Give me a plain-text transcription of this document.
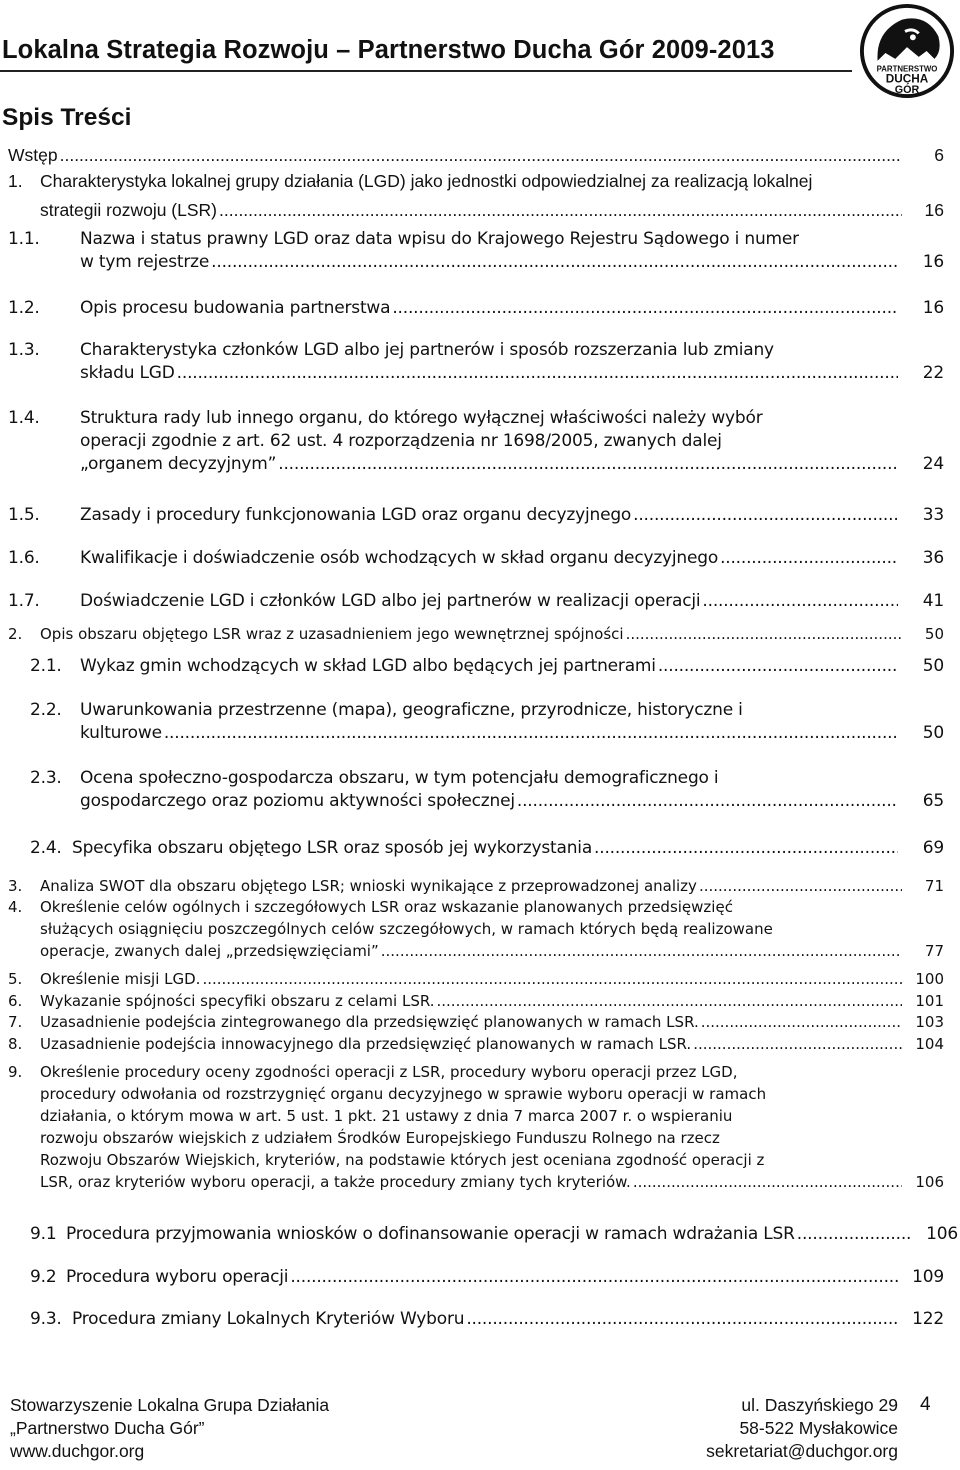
Lokalna Strategia Rozwoju – Partnerstwo Ducha Gór 2009-2013
PARTNERSTWO
DUCHA
GÓR
Spis Treści
Wstęp	6
.....
1. Charakterystyka lokalnej grupy działania (LGD) jako jednostki odpowiedzialnej za realizacją lokalnej
strategii rozwoju (LSR)	16
.....
1.1. Nazwa i status prawny LGD oraz data wpisu do Krajowego Rejestru Sądowego i numer
w tym rejestrze	16
.....
1.2. Opis procesu budowania partnerstwa	16
.....
1.3. Charakterystyka członków LGD albo jej partnerów i sposób rozszerzania lub zmiany
składu LGD	22
.....
1.4. Struktura rady lub innego organu, do którego wyłącznej właściwości należy wybór
operacji zgodnie z art. 62 ust. 4 rozporządzenia nr 1698/2005, zwanych dalej
„organem decyzyjnym”	24
.....
1.5. Zasady i procedury funkcjonowania LGD oraz organu decyzyjnego	33
.....
1.6. Kwalifikacje i doświadczenie osób wchodzących w skład organu decyzyjnego	36
.....
1.7. Doświadczenie LGD i członków LGD albo jej partnerów w realizacji operacji	41
.....
2. Opis obszaru objętego LSR wraz z uzasadnieniem jego wewnętrznej spójności	50
.....
2.1. Wykaz gmin wchodzących w skład LGD albo będących jej partnerami	50
.....
2.2. Uwarunkowania przestrzenne (mapa), geograficzne, przyrodnicze, historyczne i
kulturowe	50
.....
2.3. Ocena społeczno-gospodarcza obszaru, w tym potencjału demograficznego i
gospodarczego oraz poziomu aktywności społecznej	65
.....
2.4. Specyfika obszaru objętego LSR oraz sposób jej wykorzystania	69
.....
3. Analiza SWOT dla obszaru objętego LSR; wnioski wynikające z przeprowadzonej analizy	71
.....
4. Określenie celów ogólnych i szczegółowych LSR oraz wskazanie planowanych przedsięwzięć
służących osiągnięciu poszczególnych celów szczegółowych, w ramach których będą realizowane
operacje, zwanych dalej „przedsięwzięciami”	77
.....
5. Określenie misji LGD.	100
.....
6. Wykazanie spójności specyfiki obszaru z celami LSR.	101
.....
7. Uzasadnienie podejścia zintegrowanego dla przedsięwzięć planowanych w ramach LSR.	103
.....
8. Uzasadnienie podejścia innowacyjnego dla przedsięwzięć planowanych w ramach LSR.	104
.....
9. Określenie procedury oceny zgodności operacji z LSR, procedury wyboru operacji przez LGD,
procedury odwołania od rozstrzygnięć organu decyzyjnego w sprawie wyboru operacji w ramach
działania, o którym mowa w art. 5 ust. 1 pkt. 21 ustawy z dnia 7 marca 2007 r. o wspieraniu
rozwoju obszarów wiejskich z udziałem Środków Europejskiego Funduszu Rolnego na rzecz
Rozwoju Obszarów Wiejskich, kryteriów, na podstawie których jest oceniana zgodność operacji z
LSR, oraz kryteriów wyboru operacji, a także procedury zmiany tych kryteriów.	106
.....
9.1 Procedura przyjmowania wniosków o dofinansowanie operacji w ramach wdrażania LSR	106
.....
9.2 Procedura wyboru operacji	109
.....
9.3. Procedura zmiany Lokalnych Kryteriów Wyboru	122
.....
Stowarzyszenie Lokalna Grupa Działania
„Partnerstwo Ducha Gór”
www.duchgor.org
ul. Daszyńskiego 29
58-522 Mysłakowice
sekretariat@duchgor.org
4
